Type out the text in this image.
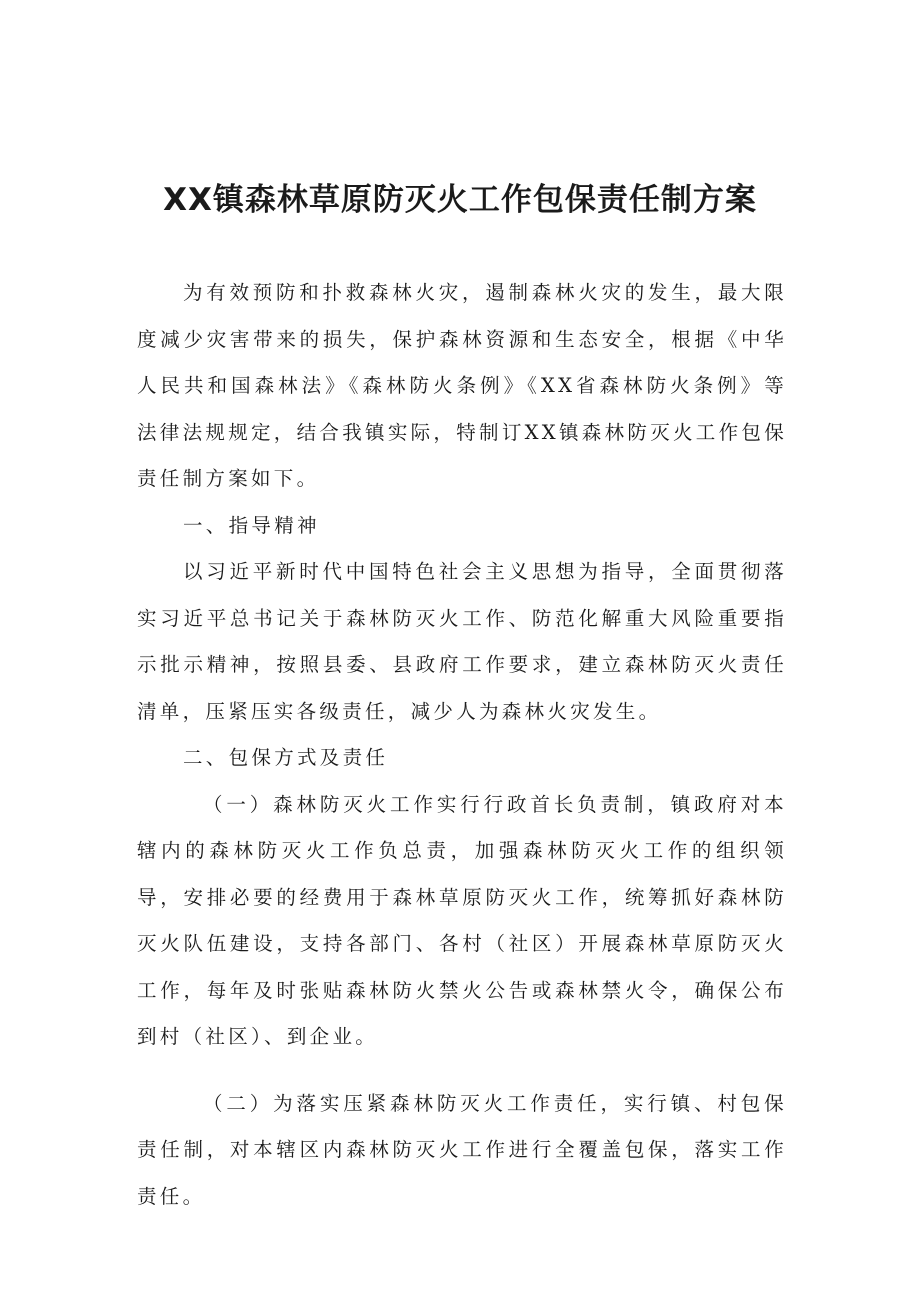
XX镇森林草原防灭火工作包保责任制方案

为有效预防和扑救森林火灾，遏制森林火灾的发生，最大限度减少灾害带来的损失，保护森林资源和生态安全，根据《中华人民共和国森林法》《森林防火条例》《XX省森林防火条例》等法律法规规定，结合我镇实际，特制订XX镇森林防灭火工作包保责任制方案如下。

一、指导精神

以习近平新时代中国特色社会主义思想为指导，全面贯彻落实习近平总书记关于森林防灭火工作、防范化解重大风险重要指示批示精神，按照县委、县政府工作要求，建立森林防灭火责任清单，压紧压实各级责任，减少人为森林火灾发生。

二、包保方式及责任

（一）森林防灭火工作实行行政首长负责制，镇政府对本辖内的森林防灭火工作负总责，加强森林防灭火工作的组织领导，安排必要的经费用于森林草原防灭火工作，统筹抓好森林防灭火队伍建设，支持各部门、各村（社区）开展森林草原防灭火工作，每年及时张贴森林防火禁火公告或森林禁火令，确保公布到村（社区）、到企业。

（二）为落实压紧森林防灭火工作责任，实行镇、村包保责任制，对本辖区内森林防灭火工作进行全覆盖包保，落实工作责任。
